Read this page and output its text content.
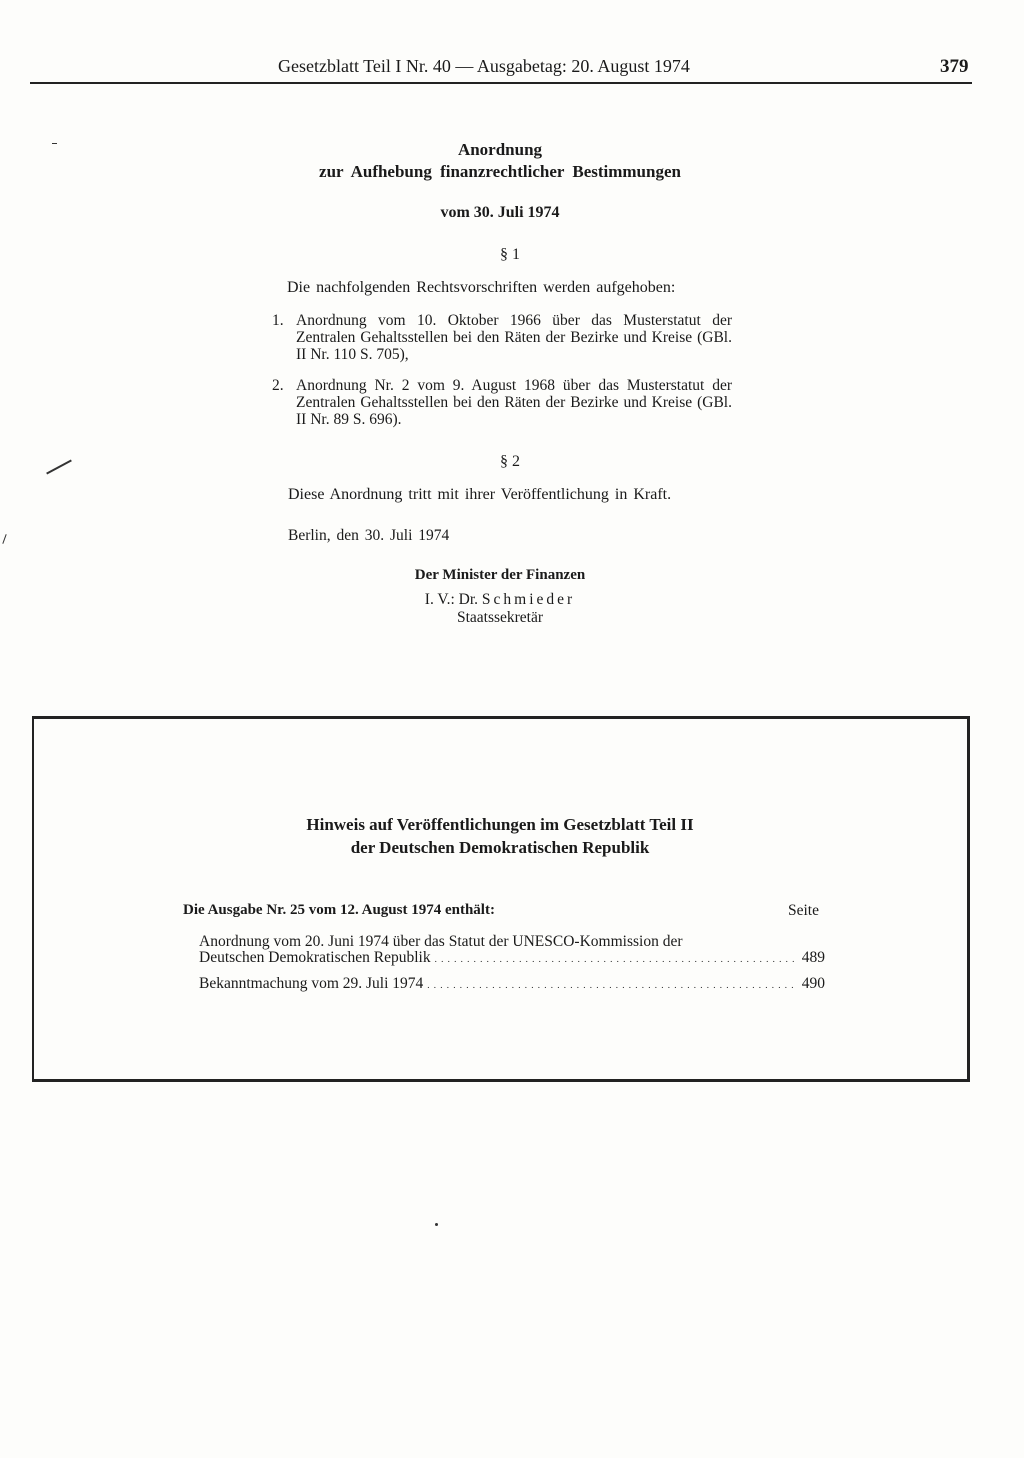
Gesetzblatt Teil I Nr. 40 — Ausgabetag: 20. August 1974	379
Anordnung
zur Aufhebung finanzrechtlicher Bestimmungen
vom 30. Juli 1974
§ 1
Die nachfolgenden Rechtsvorschriften werden aufgehoben:
1. Anordnung vom 10. Oktober 1966 über das Musterstatut der Zentralen Gehaltsstellen bei den Räten der Bezirke und Kreise (GBl. II Nr. 110 S. 705),
2. Anordnung Nr. 2 vom 9. August 1968 über das Musterstatut der Zentralen Gehaltsstellen bei den Räten der Bezirke und Kreise (GBl. II Nr. 89 S. 696).
§ 2
Diese Anordnung tritt mit ihrer Veröffentlichung in Kraft.
Berlin, den 30. Juli 1974
Der Minister der Finanzen
I. V.: Dr. Schmieder
Staatssekretär
Hinweis auf Veröffentlichungen im Gesetzblatt Teil II
der Deutschen Demokratischen Republik
Die Ausgabe Nr. 25 vom 12. August 1974 enthält:	Seite
Anordnung vom 20. Juni 1974 über das Statut der UNESCO-Kommission der
Deutschen Demokratischen Republik . . .	489
Bekanntmachung vom 29. Juli 1974 . . .	490
